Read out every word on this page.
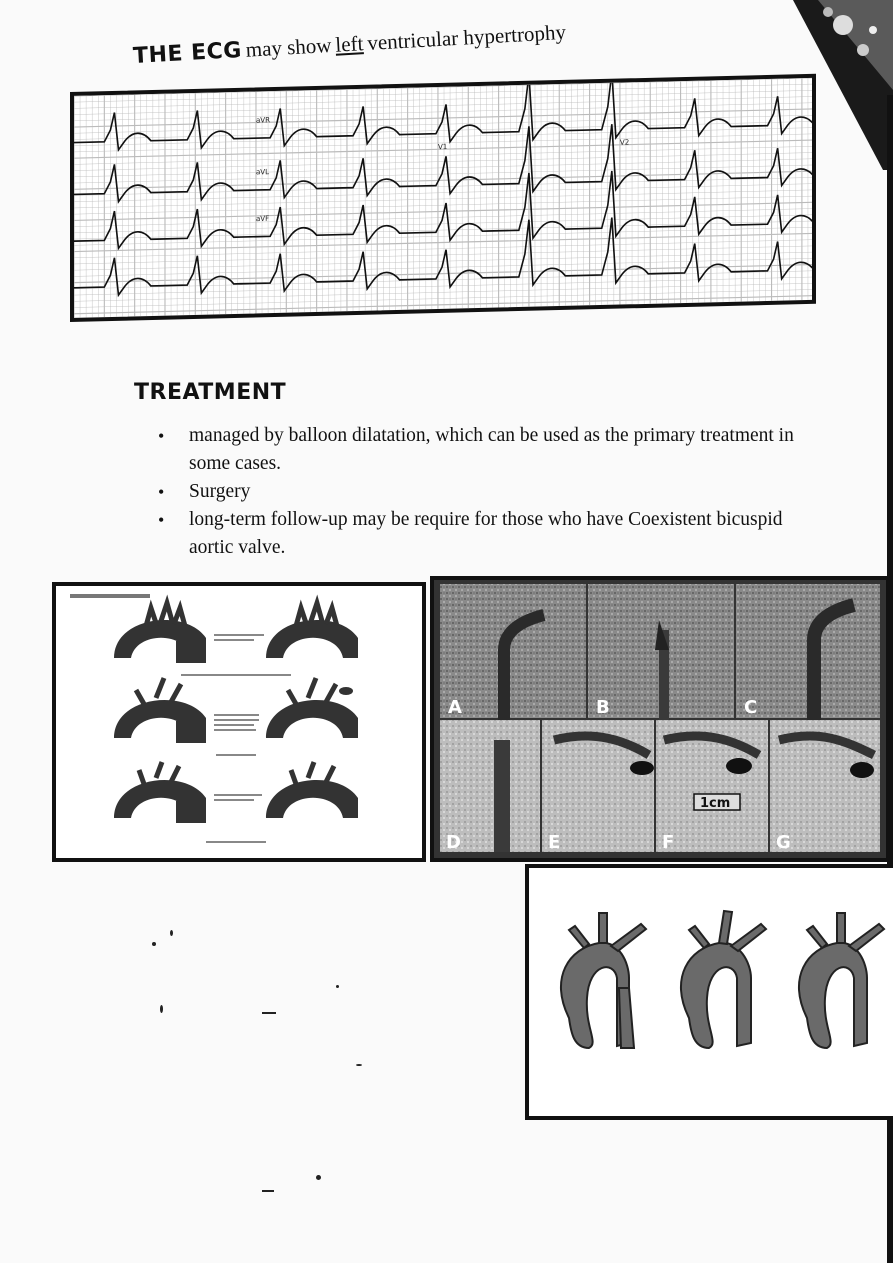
THE ECG may show left ventricular hypertrophy
aVR
aVL
aVF
V1	V2
TREATMENT
• managed by balloon dilatation, which can be used as the primary treatment in some cases.
• Surgery
• long-term follow-up may be require for those who have Coexistent bicuspid aortic valve.
A	B	C
1cm
D	E	F	G
